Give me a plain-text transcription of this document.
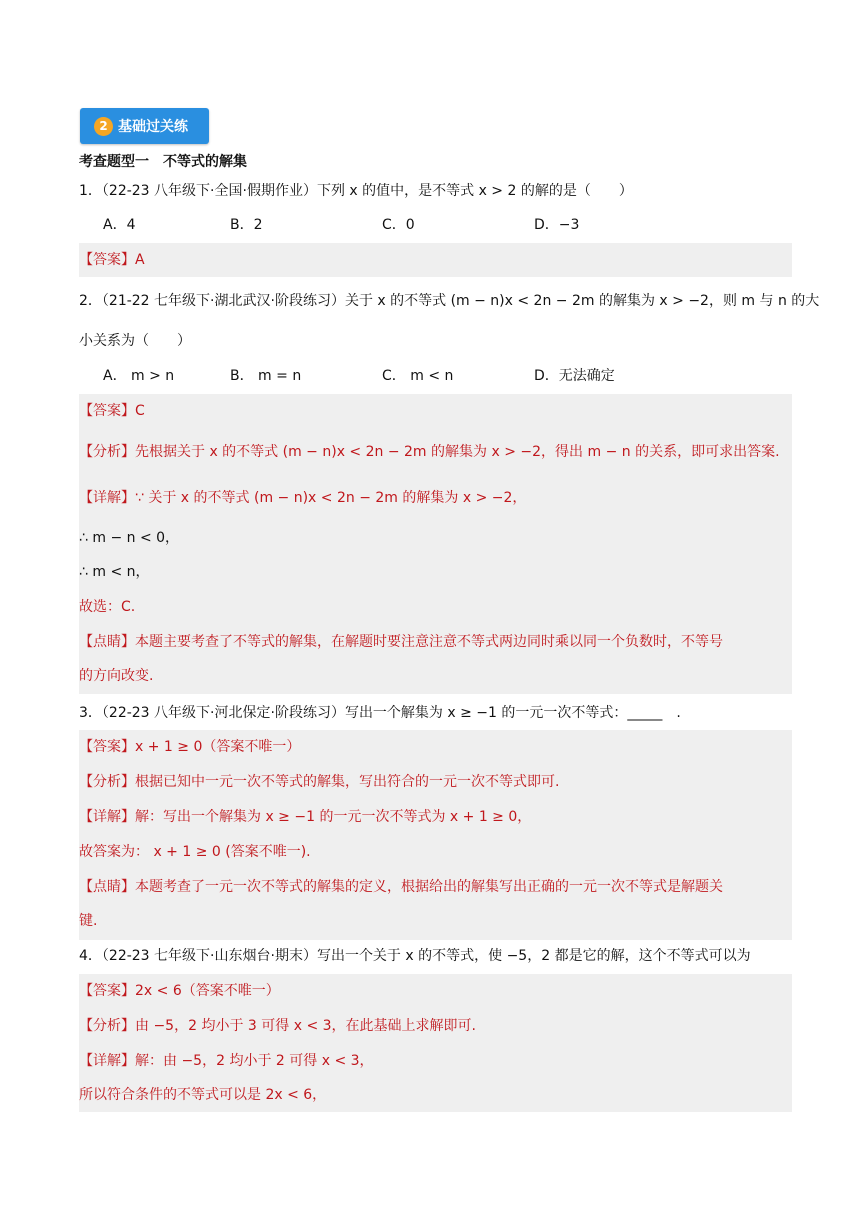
2 基础过关练
考查题型一　不等式的解集
1．（22-23 八年级下·全国·假期作业）下列 x 的值中，是不等式 x > 2 的解的是（　　）
A．4	B．2	C．0	D．−3
【答案】A
2．（21-22 七年级下·湖北武汉·阶段练习）关于 x 的不等式 (m − n)x < 2n − 2m 的解集为 x > −2，则 m 与 n 的大
小关系为（　　）
A． m > n	B． m = n	C． m < n	D．无法确定
【答案】C
【分析】先根据关于 x 的不等式 (m − n)x < 2n − 2m 的解集为 x > −2，得出 m − n 的关系，即可求出答案.
【详解】∵ 关于 x 的不等式 (m − n)x < 2n − 2m 的解集为 x > −2，
∴ m − n < 0，
∴ m < n，
故选：C.
【点睛】本题主要考查了不等式的解集，在解题时要注意注意不等式两边同时乘以同一个负数时，不等号
的方向改变.
3．（22-23 八年级下·河北保定·阶段练习）写出一个解集为 x ≥ −1 的一元一次不等式：_____　.
【答案】x + 1 ≥ 0（答案不唯一）
【分析】根据已知中一元一次不等式的解集，写出符合的一元一次不等式即可.
【详解】解：写出一个解集为 x ≥ −1 的一元一次不等式为 x + 1 ≥ 0，
故答案为： x + 1 ≥ 0 (答案不唯一).
【点睛】本题考查了一元一次不等式的解集的定义，根据给出的解集写出正确的一元一次不等式是解题关
键.
4．（22-23 七年级下·山东烟台·期末）写出一个关于 x 的不等式，使 −5，2 都是它的解，这个不等式可以为
【答案】2x < 6（答案不唯一）
【分析】由 −5，2 均小于 3 可得 x < 3，在此基础上求解即可.
【详解】解：由 −5，2 均小于 2 可得 x < 3，
所以符合条件的不等式可以是 2x < 6，
